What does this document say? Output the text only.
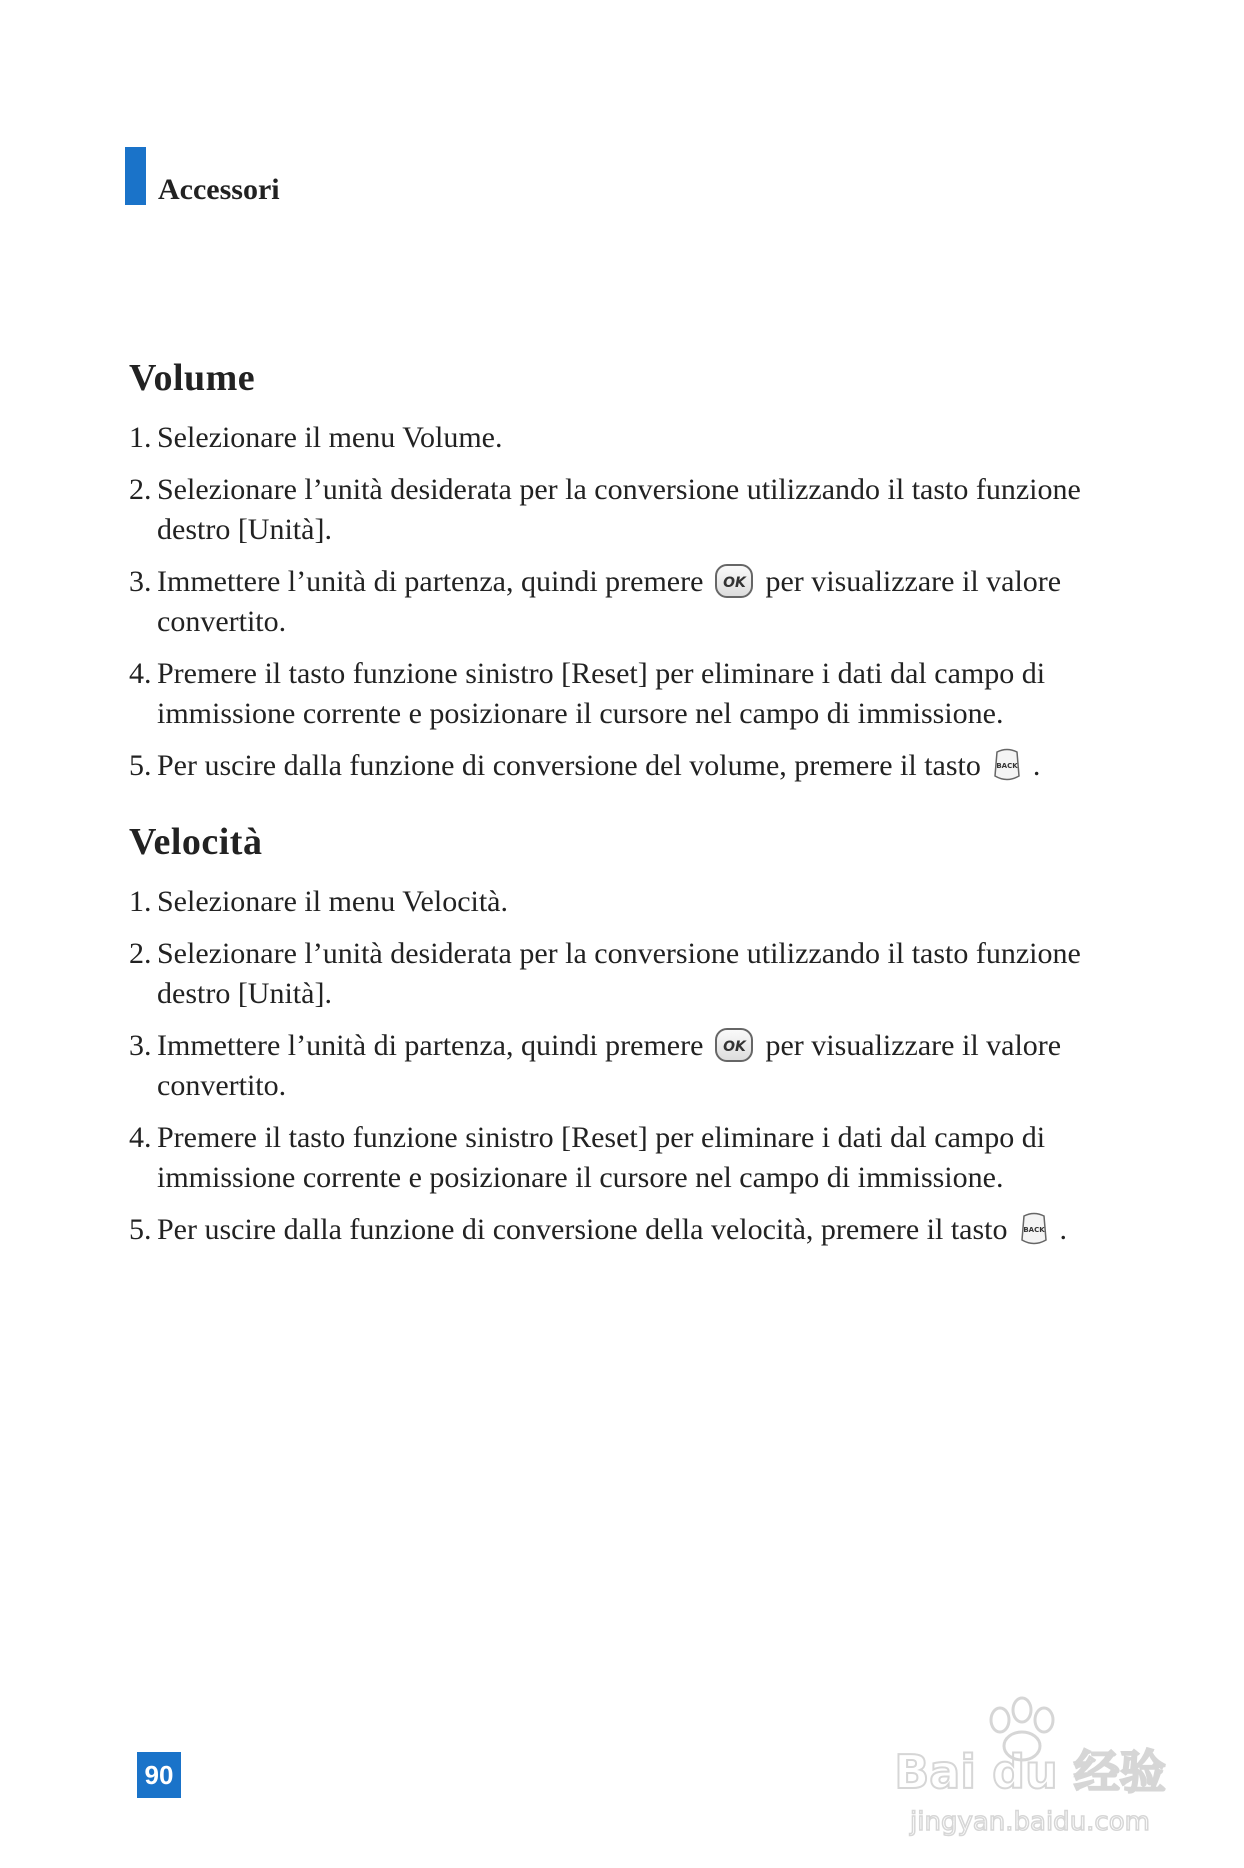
Accessori
Volume
1. Selezionare il menu Volume.
2. Selezionare l’unità desiderata per la conversione utilizzando il tasto funzione destro [Unità].
3. Immettere l’unità di partenza, quindi premere OK per visualizzare il valore convertito.
4. Premere il tasto funzione sinistro [Reset] per eliminare i dati dal campo di immissione corrente e posizionare il cursore nel campo di immissione.
5. Per uscire dalla funzione di conversione del volume, premere il tasto BACK .
Velocità
1. Selezionare il menu Velocità.
2. Selezionare l’unità desiderata per la conversione utilizzando il tasto funzione destro [Unità].
3. Immettere l’unità di partenza, quindi premere OK per visualizzare il valore convertito.
4. Premere il tasto funzione sinistro [Reset] per eliminare i dati dal campo di immissione corrente e posizionare il cursore nel campo di immissione.
5. Per uscire dalla funzione di conversione della velocità, premere il tasto BACK .
90	Bai du 经验
jingyan.baidu.com
